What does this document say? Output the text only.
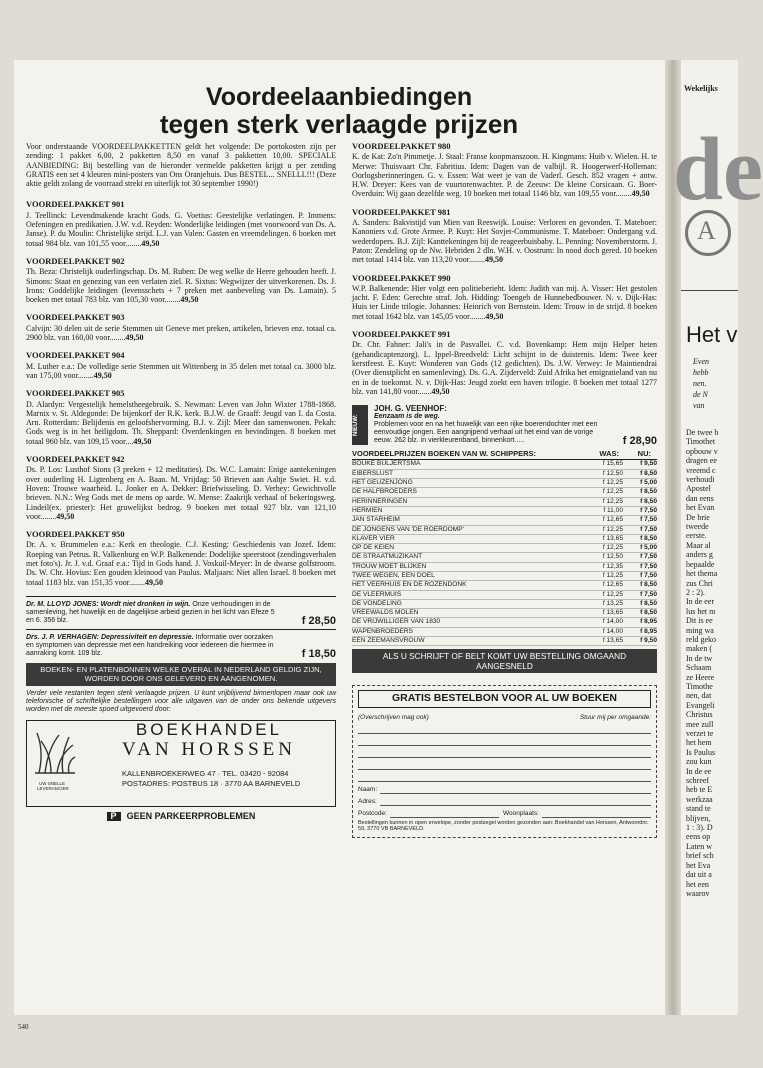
Voordeelaanbiedingen
tegen sterk verlaagde prijzen

Voor onderstaande VOORDEELPAKKETTEN geldt het volgende: De portokosten zijn per zending: 1 pakket 6,00, 2 pakketten 8,50 en vanaf 3 pakketten 10,00. SPECIALE AANBIEDING: Bij bestelling van de hieronder vermelde pakketten krijgt u per zending GRATIS een set 4 kleuren mini-posters van Ons Oranjehuis. Dus BESTEL... SNELLL!!! (Deze aktie geldt zolang de voorraad strekt en uiterlijk tot 30 september 1990!)

VOORDEELPAKKET 901

J. Teellinck: Levendmakende kracht Gods. G. Voetius: Geestelijke verlatingen. P. Immens: Oefeningen en predikatien. J.W. v.d. Reyden: Wonderlijke leidingen (met voorwoord van Ds. A. Janse). P. du Moulin: Christelijke strijd. L.J. van Valen: Gasten en vreemdelingen. 6 boeken met totaal 984 blz. van 101,55 voor........49,50

VOORDEELPAKKET 902

Th. Beza: Christelijk ouderlingschap. Ds. M. Ruben: De weg welke de Heere gehouden heeft. J. Simons: Staat en genezing van een verlaten ziel. R. Sixtus: Wegwijzer der uitverkorenen. Ds. J. Irons: Goddelijke leidingen (levensschets + 7 preken met aanbeveling van Ds. Lamain). 5 boeken met totaal 783 blz. van 105,30 voor........49,50

VOORDEELPAKKET 903

Calvijn: 30 delen uit de serie Stemmen uit Geneve met preken, artikelen, brieven enz. totaal ca. 2900 blz. van 160,00 voor........49,50

VOORDEELPAKKET 904

M. Luther e.a.: De volledige serie Stemmen uit Wittenberg in 35 delen met totaal ca. 3000 blz. van 175,00 voor........49,50

VOORDEELPAKKET 905

D. Alardyn: Vergestelijk hemelstheegebruik. S. Newman: Leven van John Wixter 1788-1868. Marnix v. St. Aldegonde: De bijenkorf der R.K. kerk. B.J.W. de Graaff: Jeugd van I. da Costa. Arn. Rotterdam: Belijdenis en geloofshervorming. B.J. v. Zijl: Meer dan samenwonen. Pekah: Gods weg is in het heiligdom. Th. Sheppard: Overdenkingen en bevindingen. 8 boeken met totaal 960 blz. van 109,15 voor....49,50

VOORDEELPAKKET 942

Ds. P. Los: Lusthof Sions (3 preken + 12 meditaties). Ds. W.C. Lamain: Enige aantekeningen over ouderling H. Ligtenberg en A. Baan. M. Vrijdag: 50 Brieven aan Aaltje Swiet. H. v.d. Hoven: Trouwe waarheid. L. Jonker en A. Dekker: Briefwisseling. D. Verhey: Gewichtvolle brieven. N.N.: Weg Gods met de mens op aarde. W. Mense: Zaakrijk verhaal of bekeringsweg. Lindeil(ex. priester): Het gruwelijkst bedrog. 9 boeken met totaal 927 blz. van 121,10 voor........49,50

VOORDEELPAKKET 950

Dr. A. v. Brummelen e.a.: Kerk en theologie. C.J. Kesting: Geschiedenis van Jozef. Idem: Roeping van Petrus. R. Valkenburg en W.P. Balkenende: Dodelijke speerstoot (zendingsverhalen met foto's). Jr. J. v.d. Graaf e.a.: Tijd in Gods hand. J. Voskuil-Meyer: In de dwarse golfstroom. Ds. W. Chr. Hovius: Een gouden kleinood van Paulus. Maljaars: Niet allen Israel. 8 boeken met totaal 1183 blz. van 151,35 voor........49,50

Dr. M. LLOYD JONES: Wordt niet dronken in wijn. Onze verhoudingen in de samenleving, het huwelijk en de dagelijkse arbeid gezien in het licht van Efeze 5 en 6. 356 blz.	f 28,50
Drs. J. P. VERHAGEN: Depressiviteit en depressie. Informatie over oorzaken en symptomen van depressie met een handreiking voor iedereen die hiermee in aanraking komt. 109 blz.	f 18,50
BOEKEN- EN PLATENBONNEN WELKE OVERAL IN NEDERLAND GELDIG ZIJN, WORDEN DOOR ONS GELEVERD EN AANGENOMEN.
Verder vele restanten tegen sterk verlaagde prijzen. U kunt vrijblijvend binnenlopen maar ook uw telefonische of schriftelijke bestellingen voor alle uitgaven van de onder ons bekende uitgevers worden met de meeste spoed uitgevoerd door:
UW SNELLE LEVERANCIER
BOEKHANDEL
VAN HORSSEN
KALLENBROEKERWEG 47 · TEL. 03420 - 92084
POSTADRES: POSTBUS 18 · 3770 AA BARNEVELD
P GEEN PARKEERPROBLEMEN
VOORDEELPAKKET 980

K. de Kat: Zo'n Pimmetje. J. Staal: Franse koopmanszoon. H. Kingmans: Huib v. Wielen. H. te Merwe: Thuisvaart Chr. Fabritius. Idem: Dagen van de valbijl. R. Hoogerwerf-Holleman: Oorlogsherinneringen. G. v. Essen: Wat weet je van de Vaderl. Gesch. 852 vragen + antw. H.W. Dreyer: Kees van de vuurtorenwachter. P. de Zeeuw: De kleine Corsicaan. G. Boer-Overduin: Wij gaan dezelfde weg. 10 boeken met totaal 1146 blz. van 109,55 voor........49,50

VOORDEELPAKKET 981

A. Sanders: Bakvistijd van Mien van Reeswijk. Louise: Verloren en gevonden. T. Mateboer: Kanoniers v.d. Grote Armee. P. Kuyt: Het Sovjet-Communisme. T. Mateboer: Ondergang v.d. wederdopers. B.J. Zijl: Kanttekeningen bij de reageerbuisbaby. L. Penning: Novemberstorm. J. Paton: Zendeling op de Nw. Hebriden 2 dln. W.H. v. Oostrum: In nood doch gered. 10 boeken met totaal 1414 blz. van 113,20 voor........49,50

VOORDEELPAKKET 990

W.P. Balkenende: Hier volgt een politieberieht. Idem: Judith van mij. A. Visser: Het gestolen jacht. F. Eden: Gerechte straf. Joh. Hidding: Toengeb de Hunnebedbouwer. N. v. Dijk-Has: Huis ter Linde trilogie. Johannes: Heinrich von Bernstein. Idem: Trouw in de strijd. 8 boeken met totaal 1642 blz. van 145,05 voor........49,50

VOORDEELPAKKET 991

Dr. Chr. Fahner: Jali's in de Pasvallei. C. v.d. Bovenkamp: Hem mijn Helper heten (gehandicaptenzorg). L. Ippel-Breedveld: Licht schijnt in de duisternis. Idem: Twee keer kerstfeest. E. Kuyt: Wonderen van Gods (12 gedichten). Ds. J.W. Verwey: Je Maintiendrai (Over dienstplicht en samenleving). Ds. G.A. Zijderveld: Zuid Afrika het emigratieland van nu en in de toekomst. N. v. Dijk-Has: Jeugd zoekt een haven trilogie. 8 boeken met totaal 1277 blz. van 141,80 voor.......49,50

NIEUW:
JOH. G. VEENHOF:
Eenzaam is de weg.
Problemen voor en na het huwelijk van een rijke boerendochter met een eenvoudige jongen. Een aangrijpend verhaal uit het eind van de vorige eeuw. 262 blz. in vierkleurenband, binnenkort.....	f 28,90
VOORDEELPRIJZEN BOEKEN VAN W. SCHIPPERS:	WAS: NU:
BOUKE BULJERTSMA	f 15,65	f 9,50
EIBERSLUST	f 12,50	f 8,50
HET GEUZENJONG	f 12,25	f 5,00
DE HALFBROEDERS	f 12,25	f 8,50
HERINNERINGEN	f 12,25	f 8,50
HERMIEN	f 11,00	f 7,50
JAN STARHEIM	f 12,65	f 7,50
DE JONGENS VAN 'DE ROERDOMP'	f 12,25	f 7,50
KLAVER VIER	f 13,65	f 8,50
OP DE KEIEN	f 12,25	f 5,00
DE STRAATMUZIKANT	f 12,50	f 7,50
TROUW MOET BLIJKEN	f 12,35	f 7,50
TWEE WEGEN, EEN DOEL	f 12,25	f 7,50
HET VEERHUIS EN DE ROZENDONK	f 12,65	f 8,50
DE VLEERMUIS	f 12,25	f 7,50
DE VONDELING	f 13,25	f 8,50
VREEWALDS MOLEN	f 13,65	f 8,50
DE VRIJWILLIGER VAN 1830	f 14,00	f 8,95
WAPENBROEDERS	f 14,00	f 8,95
EEN ZEEMANSVROUW	f 13,65	f 9,50
ALS U SCHRIJFT OF BELT KOMT UW BESTELLING OMGAAND AANGESNELD
GRATIS BESTELBON VOOR AL UW BOEKEN
(Overschrijven mag ook)	Stuur mij per omgaande:
Naam:
Adres:
Postcode:	Woonplaats:
Bestellingen kunnen in open envelope, zonder postzegel worden gezonden aan: Boekhandel van Horssen, Antwoordnr. 59, 3770 VB BARNEVELD.
540
Wekelijks
de
A
Het v
Even
hebb
nen.
de N
van
De twee b
Timothet
opbouw v
dragen ee
vreemd c
verhoudi
Apostel
dan eens
het Evan
De brie
tweede
eerste.
Maar al
anders g
bepaalde
het thema
zus Chri
2 : 2).
In de eer
lus het m
Dit is ee
ming wa
reld geko
maken (
In de tw
Schaam
ze Heere
Timothe
nen, dat
Evangeli
Christus
mee zull
verzet te
het hem
Is Paulus
zou kun
In de ee
schreef
heb te E
werkzaa
stand te
blijven,
1 : 3). D
eens op
Laten w
brief sch
het Eva
dat uit a
het een
waarov
